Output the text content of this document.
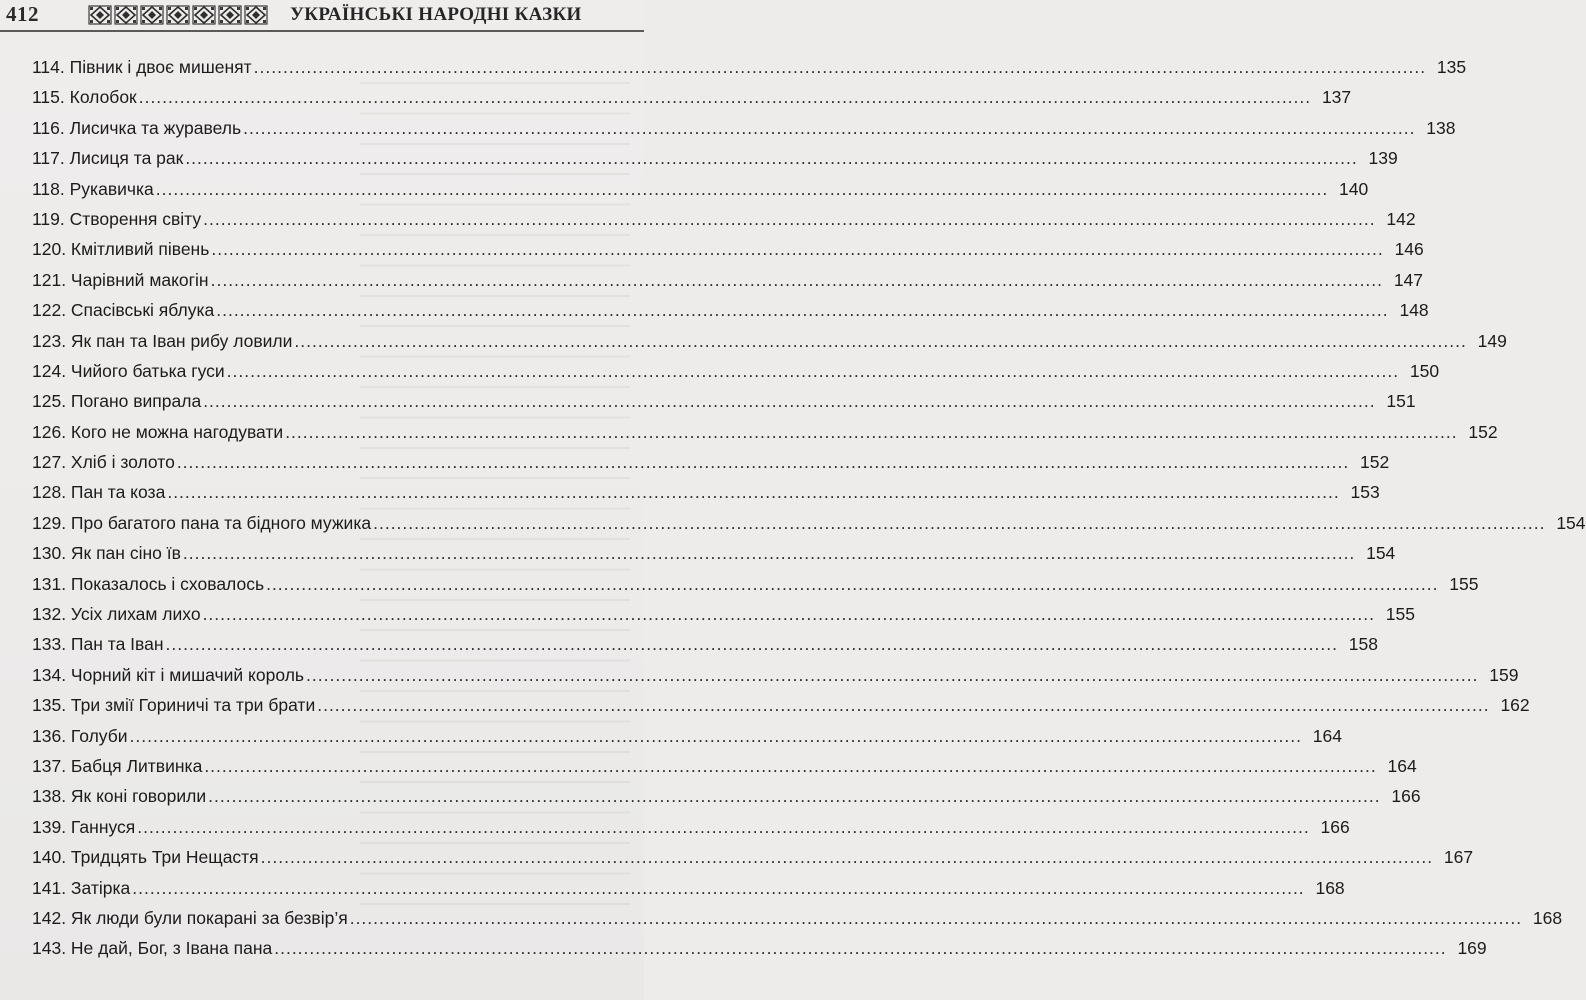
412	УКРАЇНСЬКІ НАРОДНІ КАЗКИ
114. Півник і двоє мишенят ........................................................................................................................................................................................................ 135
115. Колобок ........................................................................................................................................................................................................ 137
116. Лисичка та журавель ........................................................................................................................................................................................................ 138
117. Лисиця та рак ........................................................................................................................................................................................................ 139
118. Рукавичка ........................................................................................................................................................................................................ 140
119. Створення світу ........................................................................................................................................................................................................ 142
120. Кмітливий півень ........................................................................................................................................................................................................ 146
121. Чарівний макогін ........................................................................................................................................................................................................ 147
122. Спасівські яблука ........................................................................................................................................................................................................ 148
123. Як пан та Іван рибу ловили ........................................................................................................................................................................................................ 149
124. Чийого батька гуси ........................................................................................................................................................................................................ 150
125. Погано випрала ........................................................................................................................................................................................................ 151
126. Кого не можна нагодувати ........................................................................................................................................................................................................ 152
127. Хліб і золото ........................................................................................................................................................................................................ 152
128. Пан та коза ........................................................................................................................................................................................................ 153
129. Про багатого пана та бідного мужика ........................................................................................................................................................................................................ 154
130. Як пан сіно їв ........................................................................................................................................................................................................ 154
131. Показалось і сховалось ........................................................................................................................................................................................................ 155
132. Усіх лихам лихо ........................................................................................................................................................................................................ 155
133. Пан та Іван ........................................................................................................................................................................................................ 158
134. Чорний кіт і мишачий король ........................................................................................................................................................................................................ 159
135. Три змії Гориничі та три брати ........................................................................................................................................................................................................ 162
136. Голуби ........................................................................................................................................................................................................ 164
137. Бабця Литвинка ........................................................................................................................................................................................................ 164
138. Як коні говорили ........................................................................................................................................................................................................ 166
139. Ганнуся ........................................................................................................................................................................................................ 166
140. Тридцять Три Нещастя ........................................................................................................................................................................................................ 167
141. Затірка ........................................................................................................................................................................................................ 168
142. Як люди були покарані за безвір’я ........................................................................................................................................................................................................ 168
143. Не дай, Бог, з Івана пана ........................................................................................................................................................................................................ 169
